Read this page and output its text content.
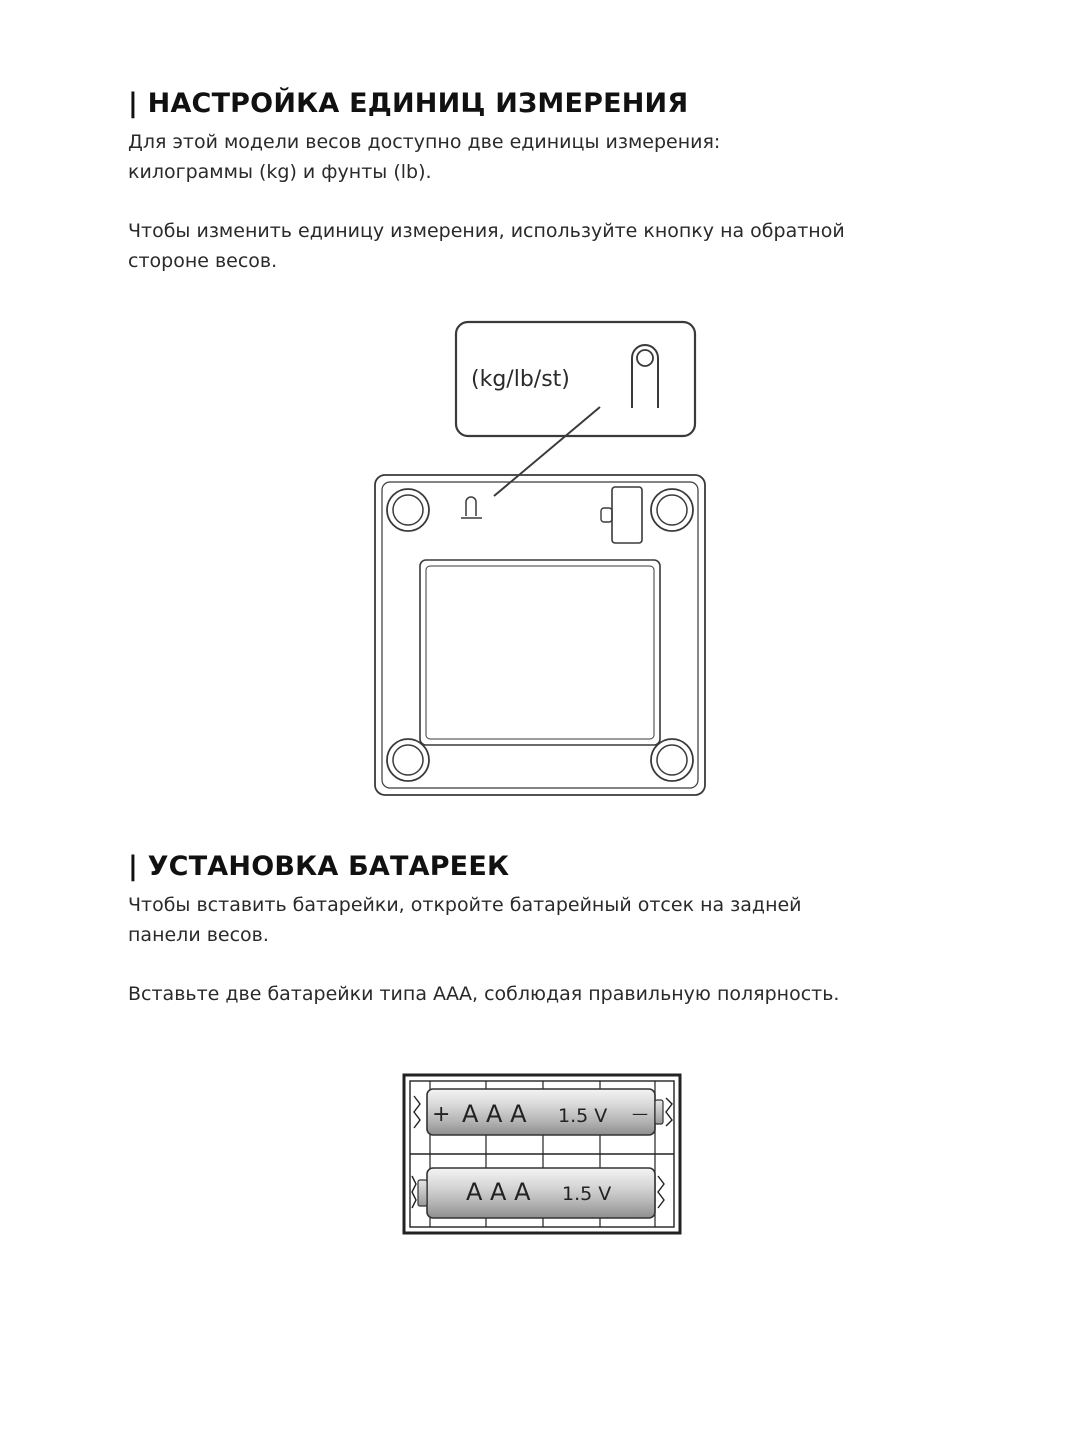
| НАСТРОЙКА ЕДИНИЦ ИЗМЕРЕНИЯ

Для этой модели весов доступно две единицы измерения:
килограммы (kg) и фунты (lb).

Чтобы изменить единицу измерения, используйте кнопку на обратной
стороне весов.

(kg/lb/st)
| УСТАНОВКА БАТАРЕЕК

Чтобы вставить батарейки, откройте батарейный отсек на задней
панели весов.

Вставьте две батарейки типа ААА, соблюдая правильную полярность.

+ A A A 1.5 V —
A A A 1.5 V
